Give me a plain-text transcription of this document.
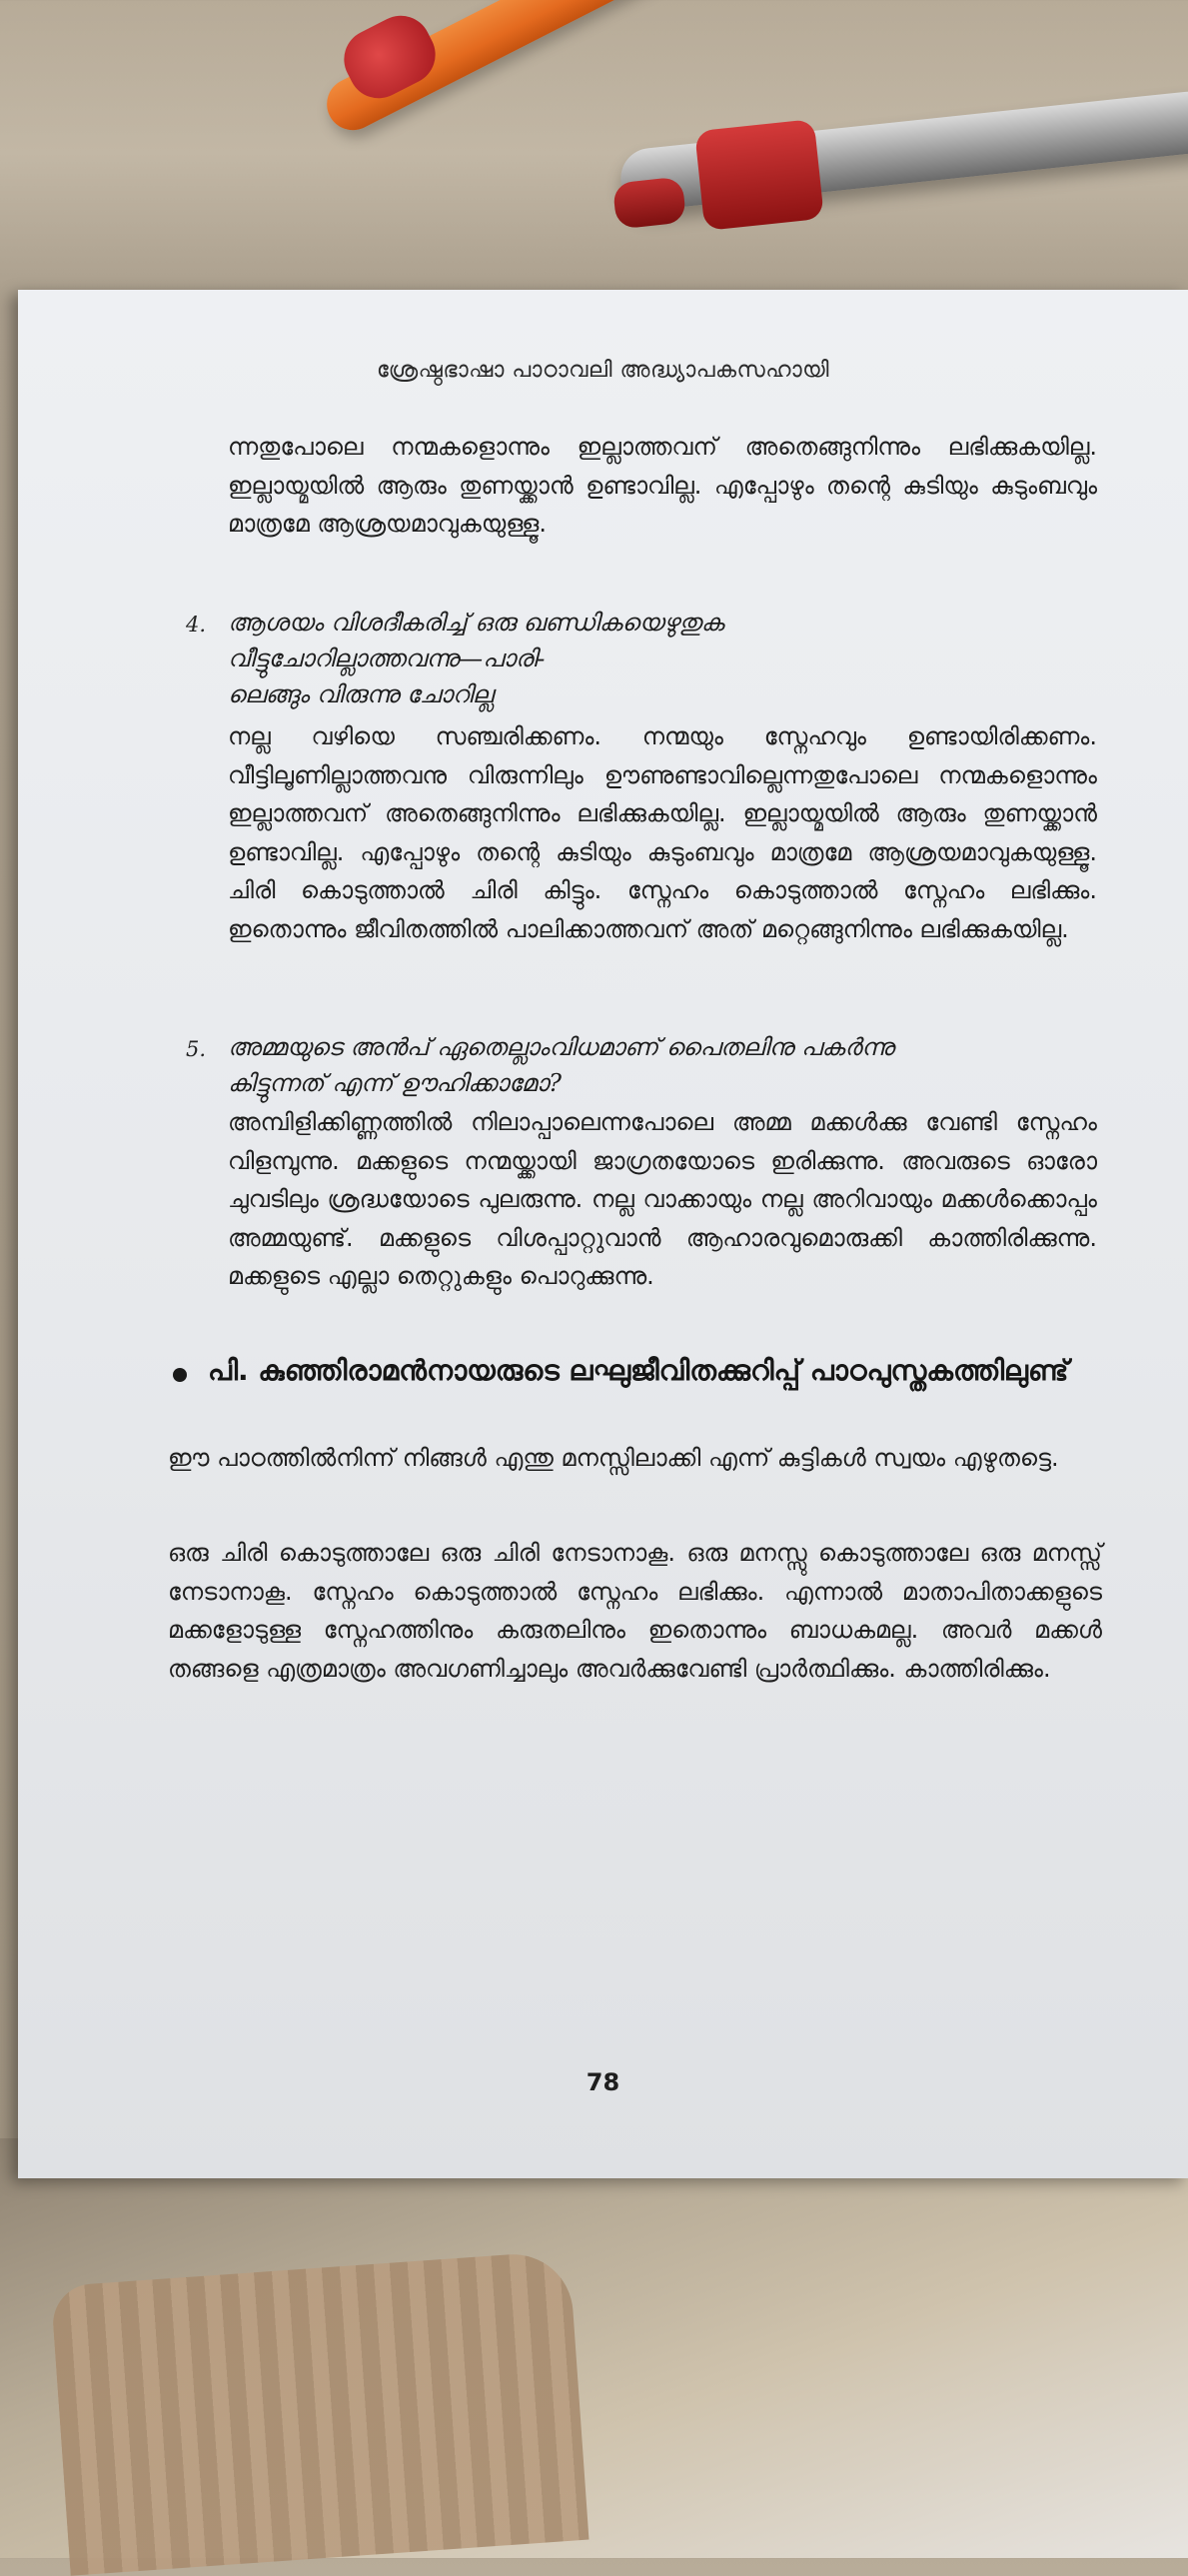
ശ്രേഷ്ഠഭാഷാ പാഠാവലി അദ്ധ്യാപകസഹായി

ന്നതുപോലെ നന്മകളൊന്നും ഇല്ലാത്തവന് അതെങ്ങുനിന്നും ലഭിക്കുകയില്ല. ഇല്ലായ്മയിൽ ആരും തുണയ്ക്കാൻ ഉണ്ടാവില്ല. എപ്പോഴും തന്റെ കുടിയും കുടുംബവും മാത്രമേ ആശ്രയമാവുകയുള്ളൂ.

4. ആശയം വിശദീകരിച്ച് ഒരു ഖണ്ഡികയെഴുതുക

വീട്ടുചോറില്ലാത്തവന്നു—പാരി-

ലെങ്ങും വിരുന്നു ചോറില്ല

നല്ല വഴിയെ സഞ്ചരിക്കണം. നന്മയും സ്നേഹവും ഉണ്ടായിരിക്കണം. വീട്ടിലൂണില്ലാത്തവനു വിരുന്നിലും ഊണുണ്ടാവില്ലെന്നതുപോലെ നന്മകളൊന്നും ഇല്ലാത്തവന് അതെങ്ങുനിന്നും ലഭിക്കുകയില്ല. ഇല്ലായ്മയിൽ ആരും തുണയ്ക്കാൻ ഉണ്ടാവില്ല. എപ്പോഴും തന്റെ കുടിയും കുടുംബവും മാത്രമേ ആശ്രയമാവുകയുള്ളൂ. ചിരി കൊടുത്താൽ ചിരി കിട്ടും. സ്നേഹം കൊടുത്താൽ സ്നേഹം ലഭിക്കും. ഇതൊന്നും ജീവിതത്തിൽ പാലിക്കാത്തവന് അത് മറ്റെങ്ങുനിന്നും ലഭിക്കുകയില്ല.

5. അമ്മയുടെ അൻപ് ഏതെല്ലാംവിധമാണ് പൈതലിനു പകർന്നു

കിട്ടുന്നത് എന്ന് ഊഹിക്കാമോ?

അമ്പിളിക്കിണ്ണത്തിൽ നിലാപ്പാലെന്നപോലെ അമ്മ മക്കൾക്കു വേണ്ടി സ്നേഹം വിളമ്പുന്നു. മക്കളുടെ നന്മയ്ക്കായി ജാഗ്രതയോടെ ഇരിക്കുന്നു. അവരുടെ ഓരോ ചുവടിലും ശ്രദ്ധയോടെ പുലരുന്നു. നല്ല വാക്കായും നല്ല അറിവായും മക്കൾക്കൊപ്പം അമ്മയുണ്ട്. മക്കളുടെ വിശപ്പാറ്റുവാൻ ആഹാരവുമൊരുക്കി കാത്തിരിക്കുന്നു. മക്കളുടെ എല്ലാ തെറ്റുകളും പൊറുക്കുന്നു.

പി. കുഞ്ഞിരാമൻനായരുടെ ലഘുജീവിതക്കുറിപ്പ് പാഠപുസ്തകത്തിലുണ്ട്

ഈ പാഠത്തിൽനിന്ന് നിങ്ങൾ എന്തു മനസ്സിലാക്കി എന്ന് കുട്ടികൾ സ്വയം എഴുതട്ടെ.

ഒരു ചിരി കൊടുത്താലേ ഒരു ചിരി നേടാനാകൂ. ഒരു മനസ്സു കൊടുത്താലേ ഒരു മനസ്സ് നേടാനാകൂ. സ്നേഹം കൊടുത്താൽ സ്നേഹം ലഭിക്കും. എന്നാൽ മാതാപിതാക്കളുടെ മക്കളോടുള്ള സ്നേഹത്തിനും കരുതലിനും ഇതൊന്നും ബാധകമല്ല. അവർ മക്കൾ തങ്ങളെ എത്രമാത്രം അവഗണിച്ചാലും അവർക്കുവേണ്ടി പ്രാർത്ഥിക്കും. കാത്തിരിക്കും.

78
